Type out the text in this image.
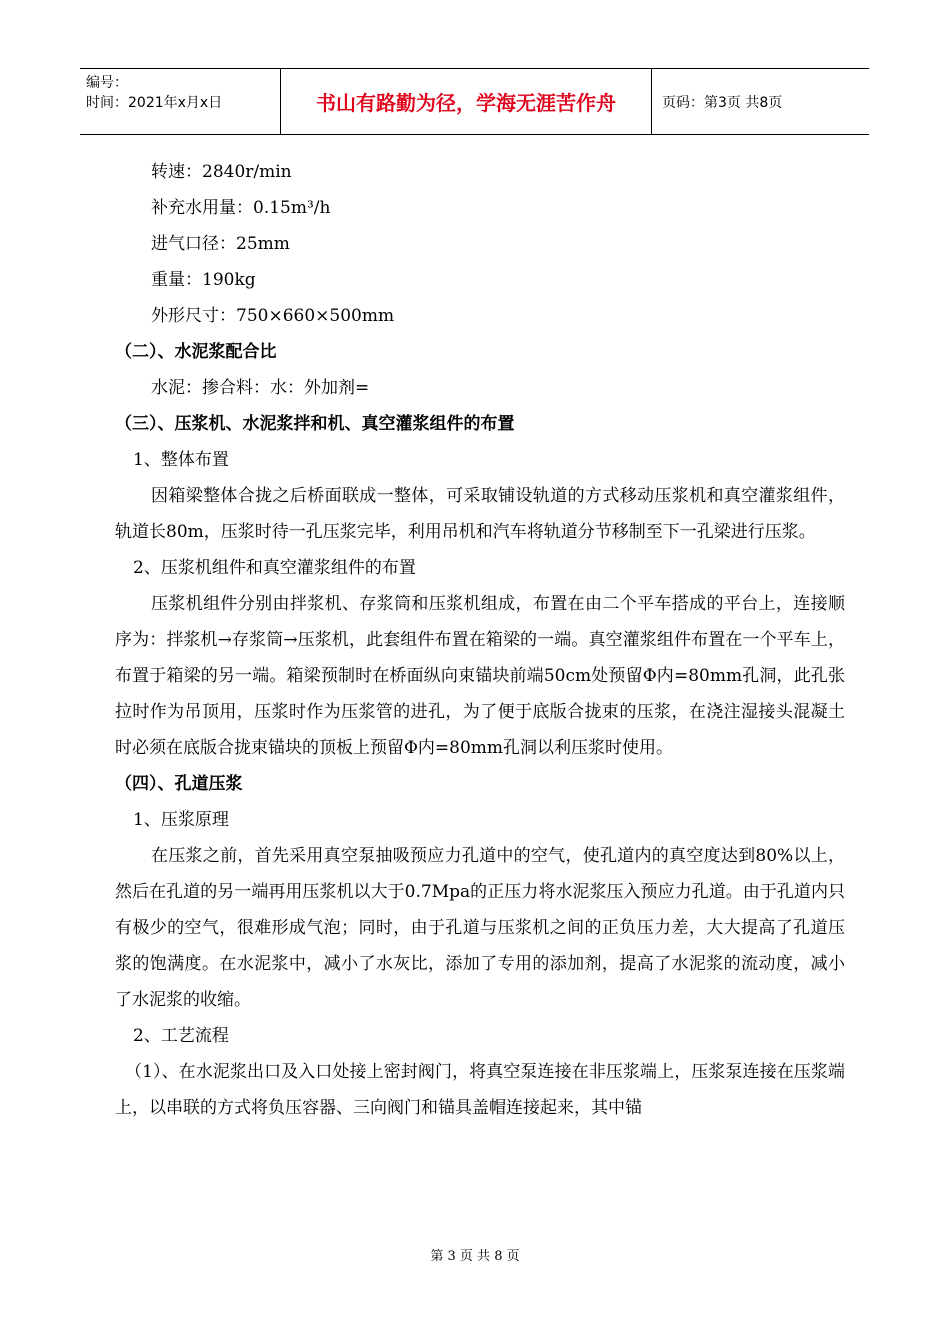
编号：
时间：2021年x月x日	书山有路勤为径，学海无涯苦作舟	页码：第3页 共8页
转速：2840r/min
补充水用量：0.15m³/h
进气口径：25mm
重量：190kg
外形尺寸：750×660×500mm
（二）、水泥浆配合比
水泥：掺合料：水：外加剂=
（三）、压浆机、水泥浆拌和机、真空灌浆组件的布置
1、整体布置
因箱梁整体合拢之后桥面联成一整体，可采取铺设轨道的方式移动压浆机和真空灌浆组件，轨道长80m，压浆时待一孔压浆完毕，利用吊机和汽车将轨道分节移制至下一孔梁进行压浆。
2、压浆机组件和真空灌浆组件的布置
压浆机组件分别由拌浆机、存浆筒和压浆机组成，布置在由二个平车搭成的平台上，连接顺序为：拌浆机→存浆筒→压浆机，此套组件布置在箱梁的一端。真空灌浆组件布置在一个平车上，布置于箱梁的另一端。箱梁预制时在桥面纵向束锚块前端50cm处预留Φ内=80mm孔洞，此孔张拉时作为吊顶用，压浆时作为压浆管的进孔，为了便于底版合拢束的压浆，在浇注湿接头混凝土时必须在底版合拢束锚块的顶板上预留Φ内=80mm孔洞以利压浆时使用。
（四）、孔道压浆
1、压浆原理
在压浆之前，首先采用真空泵抽吸预应力孔道中的空气，使孔道内的真空度达到80%以上，然后在孔道的另一端再用压浆机以大于0.7Mpa的正压力将水泥浆压入预应力孔道。由于孔道内只有极少的空气，很难形成气泡；同时，由于孔道与压浆机之间的正负压力差，大大提高了孔道压浆的饱满度。在水泥浆中，减小了水灰比，添加了专用的添加剂，提高了水泥浆的流动度，减小了水泥浆的收缩。
2、工艺流程
（1）、在水泥浆出口及入口处接上密封阀门，将真空泵连接在非压浆端上，压浆泵连接在压浆端上，以串联的方式将负压容器、三向阀门和锚具盖帽连接起来，其中锚
第 3 页 共 8 页
